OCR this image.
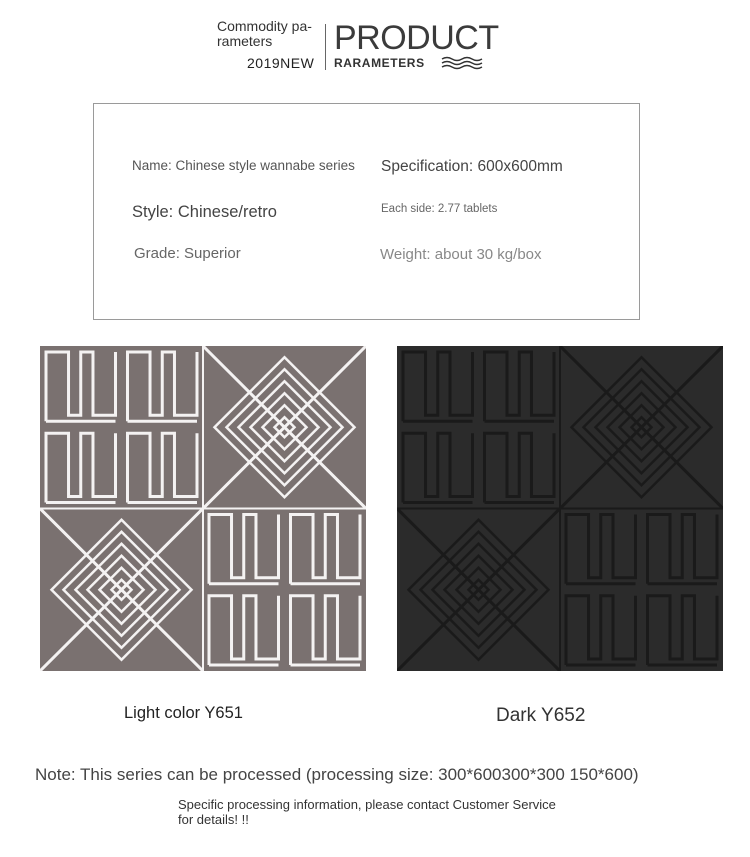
Commodity pa-rameters
2019NEW
PRODUCT
RARAMETERS
Name: Chinese style wannabe series Specification: 600x600mm
Style: Chinese/retro	Each side: 2.77 tablets
Grade: Superior	Weight: about 30 kg/box
Light color Y651	Dark Y652
Note: This series can be processed (processing size: 300*600300*300 150*600)
Specific processing information, please contact Customer Service for details! !!
